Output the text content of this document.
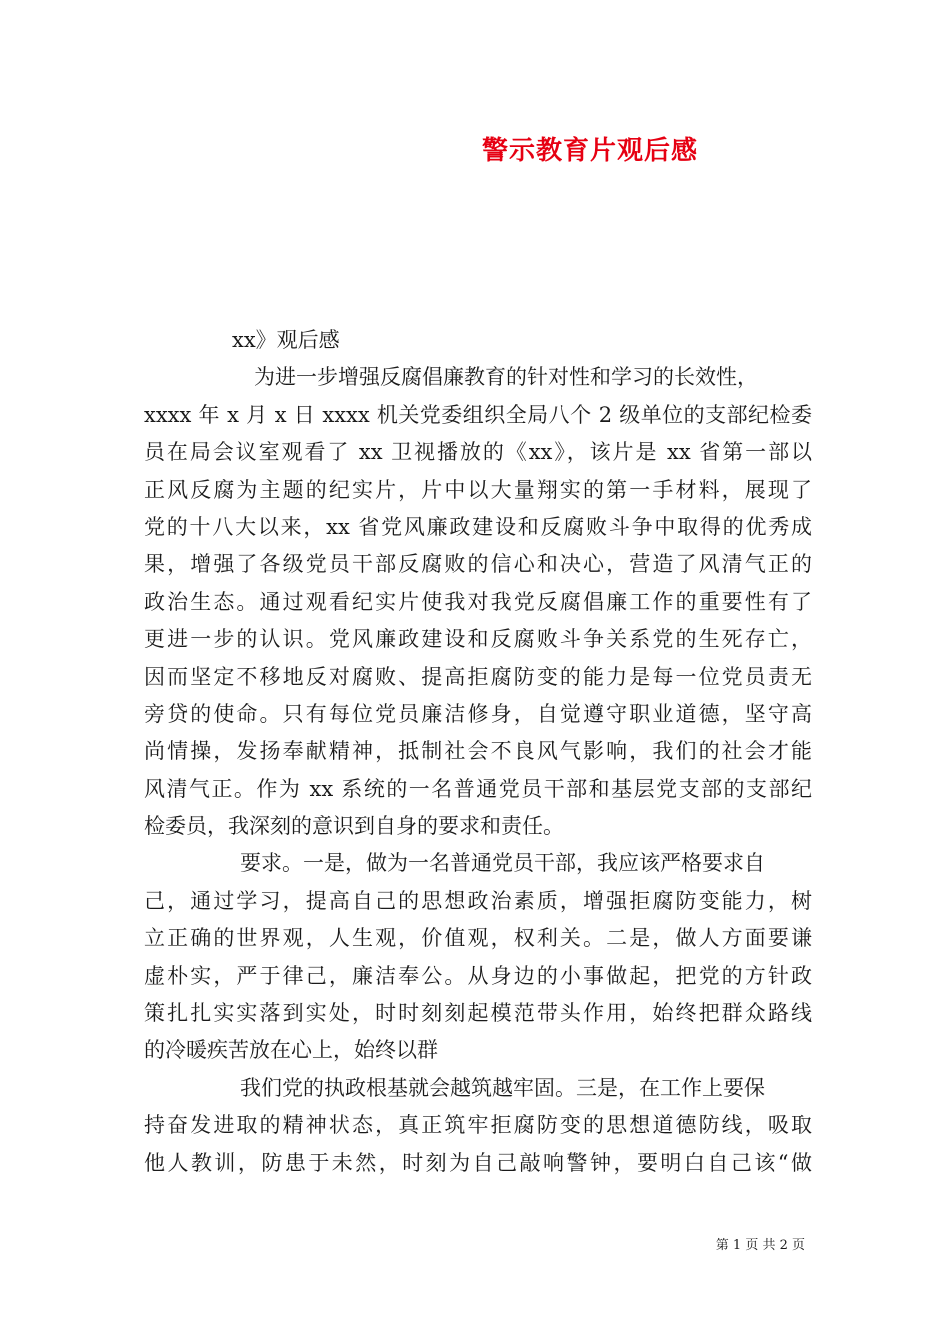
警示教育片观后感
xx》观后感
为进一步增强反腐倡廉教育的针对性和学习的长效性，
xxxx 年 x 月 x 日 xxxx 机关党委组织全局八个 2 级单位的支部纪检委
员在局会议室观看了 xx 卫视播放的《xx》，该片是 xx 省第一部以
正风反腐为主题的纪实片，片中以大量翔实的第一手材料，展现了
党的十八大以来，xx 省党风廉政建设和反腐败斗争中取得的优秀成
果，增强了各级党员干部反腐败的信心和决心，营造了风清气正的
政治生态。通过观看纪实片使我对我党反腐倡廉工作的重要性有了
更进一步的认识。党风廉政建设和反腐败斗争关系党的生死存亡，
因而坚定不移地反对腐败、提高拒腐防变的能力是每一位党员责无
旁贷的使命。只有每位党员廉洁修身，自觉遵守职业道德，坚守高
尚情操，发扬奉献精神，抵制社会不良风气影响，我们的社会才能
风清气正。作为 xx 系统的一名普通党员干部和基层党支部的支部纪
检委员，我深刻的意识到自身的要求和责任。
要求。一是，做为一名普通党员干部，我应该严格要求自
己，通过学习，提高自己的思想政治素质，增强拒腐防变能力，树
立正确的世界观，人生观，价值观，权利关。二是，做人方面要谦
虚朴实，严于律己，廉洁奉公。从身边的小事做起，把党的方针政
策扎扎实实落到实处，时时刻刻起模范带头作用，始终把群众路线
的冷暖疾苦放在心上，始终以群
我们党的执政根基就会越筑越牢固。三是，在工作上要保
持奋发进取的精神状态，真正筑牢拒腐防变的思想道德防线，吸取
他人教训，防患于未然，时刻为自己敲响警钟，要明白自己该“做
第 1 页 共 2 页
